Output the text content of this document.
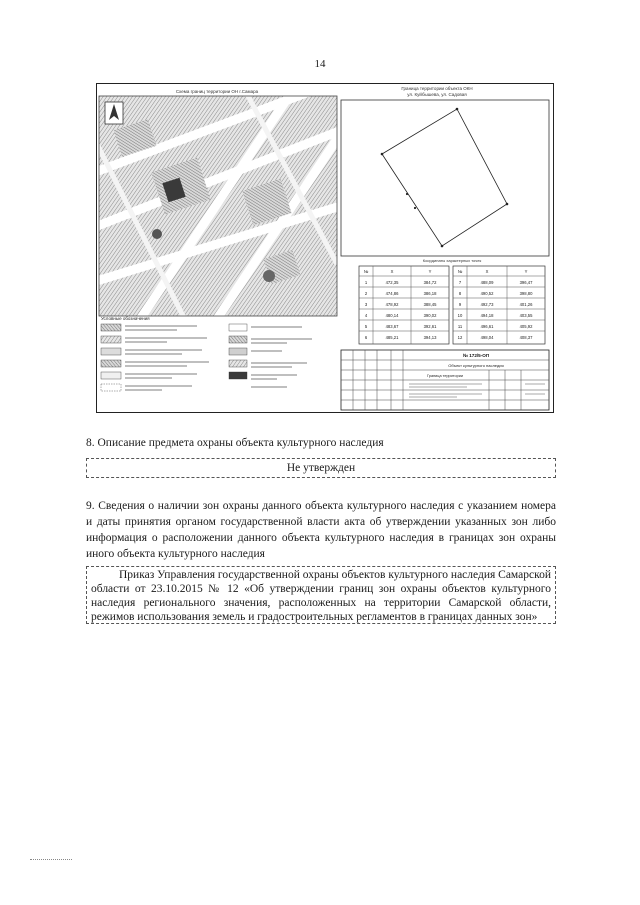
14
Схема границ территории ОН г.Самара
Граница территории объекта ОКН
ул. Куйбышева, ул. Садовая
Координаты характерных точек
№	X	Y	№	X	Y
1	472,35	384,72
2	474,86	386,18
3	478,92	388,45
4	480,14	390,02
5	483,67	392,61
6	485,21	394,13
7	488,09	396,47
8	490,52	398,80
9	492,73	401,26
10	494,18	403,55
11	496,61	405,92
12	498,04	408,37
Условные обозначения
№ 172/5-ОП
Объект культурного наследия
Граница территории
8. Описание предмета охраны объекта культурного наследия
Не утвержден
9. Сведения о наличии зон охраны данного объекта культурного наследия с указанием номера и даты принятия органом государственной власти акта об утверждении указанных зон либо информация о расположении данного объекта культурного наследия в границах зон охраны иного объекта культурного наследия
Приказ Управления государственной охраны объектов культурного наследия Самарской области от 23.10.2015 № 12 «Об утверждении границ зон охраны объектов культурного наследия регионального значения, расположенных на территории Самарской области, режимов использования земель и градостроительных регламентов в границах данных зон»
